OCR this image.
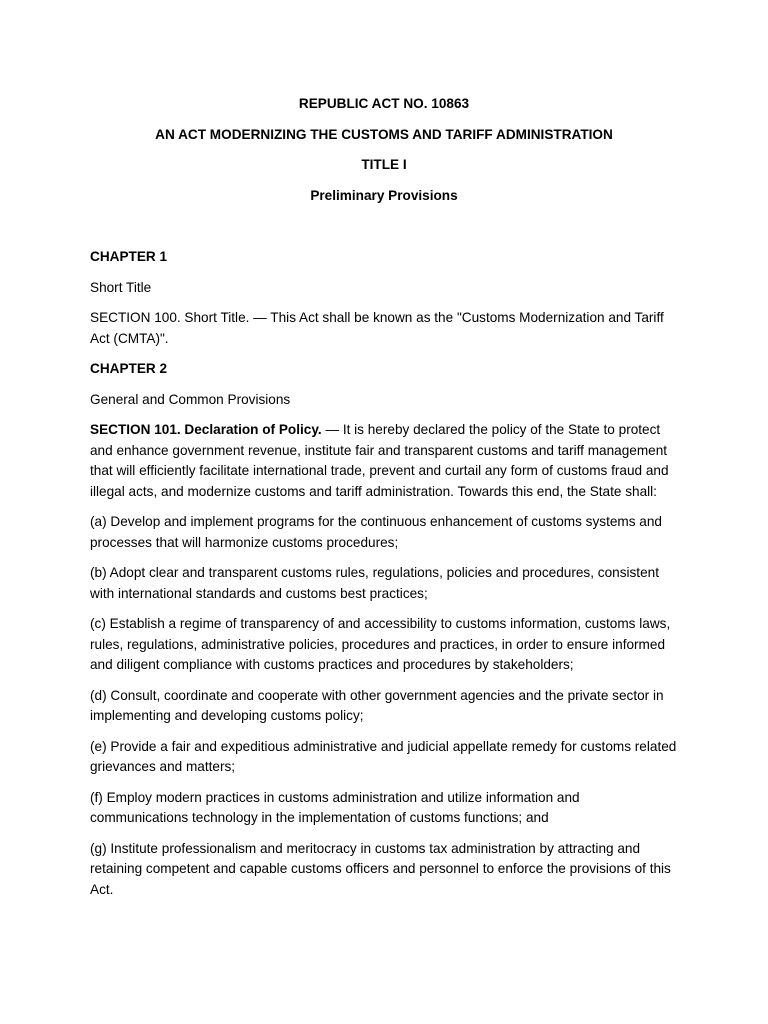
REPUBLIC ACT NO. 10863

AN ACT MODERNIZING THE CUSTOMS AND TARIFF ADMINISTRATION

TITLE I

Preliminary Provisions

CHAPTER 1

Short Title

SECTION 100. Short Title. — This Act shall be known as the "Customs Modernization and Tariff Act (CMTA)".

CHAPTER 2

General and Common Provisions

SECTION 101. Declaration of Policy. — It is hereby declared the policy of the State to protect and enhance government revenue, institute fair and transparent customs and tariff management that will efficiently facilitate international trade, prevent and curtail any form of customs fraud and illegal acts, and modernize customs and tariff administration. Towards this end, the State shall:

(a) Develop and implement programs for the continuous enhancement of customs systems and processes that will harmonize customs procedures;

(b) Adopt clear and transparent customs rules, regulations, policies and procedures, consistent with international standards and customs best practices;

(c) Establish a regime of transparency of and accessibility to customs information, customs laws, rules, regulations, administrative policies, procedures and practices, in order to ensure informed and diligent compliance with customs practices and procedures by stakeholders;

(d) Consult, coordinate and cooperate with other government agencies and the private sector in implementing and developing customs policy;

(e) Provide a fair and expeditious administrative and judicial appellate remedy for customs related grievances and matters;

(f) Employ modern practices in customs administration and utilize information and communications technology in the implementation of customs functions; and

(g) Institute professionalism and meritocracy in customs tax administration by attracting and retaining competent and capable customs officers and personnel to enforce the provisions of this Act.
